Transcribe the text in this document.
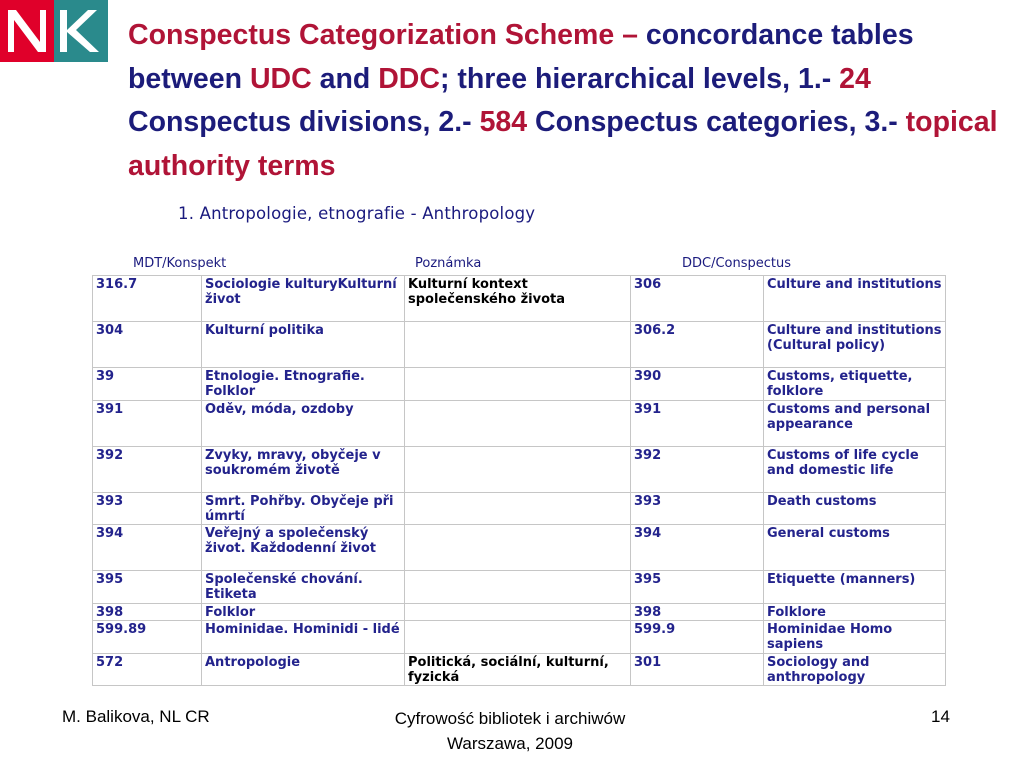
Conspectus Categorization Scheme – concordance tables between UDC and DDC; three hierarchical levels, 1.- 24 Conspectus divisions, 2.- 584 Conspectus categories, 3.- topical authority terms
1. Antropologie, etnografie - Anthropology
MDT/Konspekt	Poznámka	DDC/Conspectus
316.7	Sociologie kulturyKulturní život	Kulturní kontext společenského života	306	Culture and institutions
304	Kulturní politika		306.2	Culture and institutions (Cultural policy)
39	Etnologie. Etnografie. Folklor		390	Customs, etiquette, folklore
391	Oděv, móda, ozdoby		391	Customs and personal appearance
392	Zvyky, mravy, obyčeje v soukromém životě		392	Customs of life cycle and domestic life
393	Smrt. Pohřby. Obyčeje při úmrtí		393	Death customs
394	Veřejný a společenský život. Každodenní život		394	General customs
395	Společenské chování. Etiketa		395	Etiquette (manners)
398	Folklor		398	Folklore
599.89	Hominidae. Hominidi - lidé		599.9	Hominidae Homo sapiens
572	Antropologie	Politická, sociální, kulturní, fyzická	301	Sociology and anthropology
M. Balikova, NL CR	Cyfrowość bibliotek i archiwów
Warszawa, 2009
14
